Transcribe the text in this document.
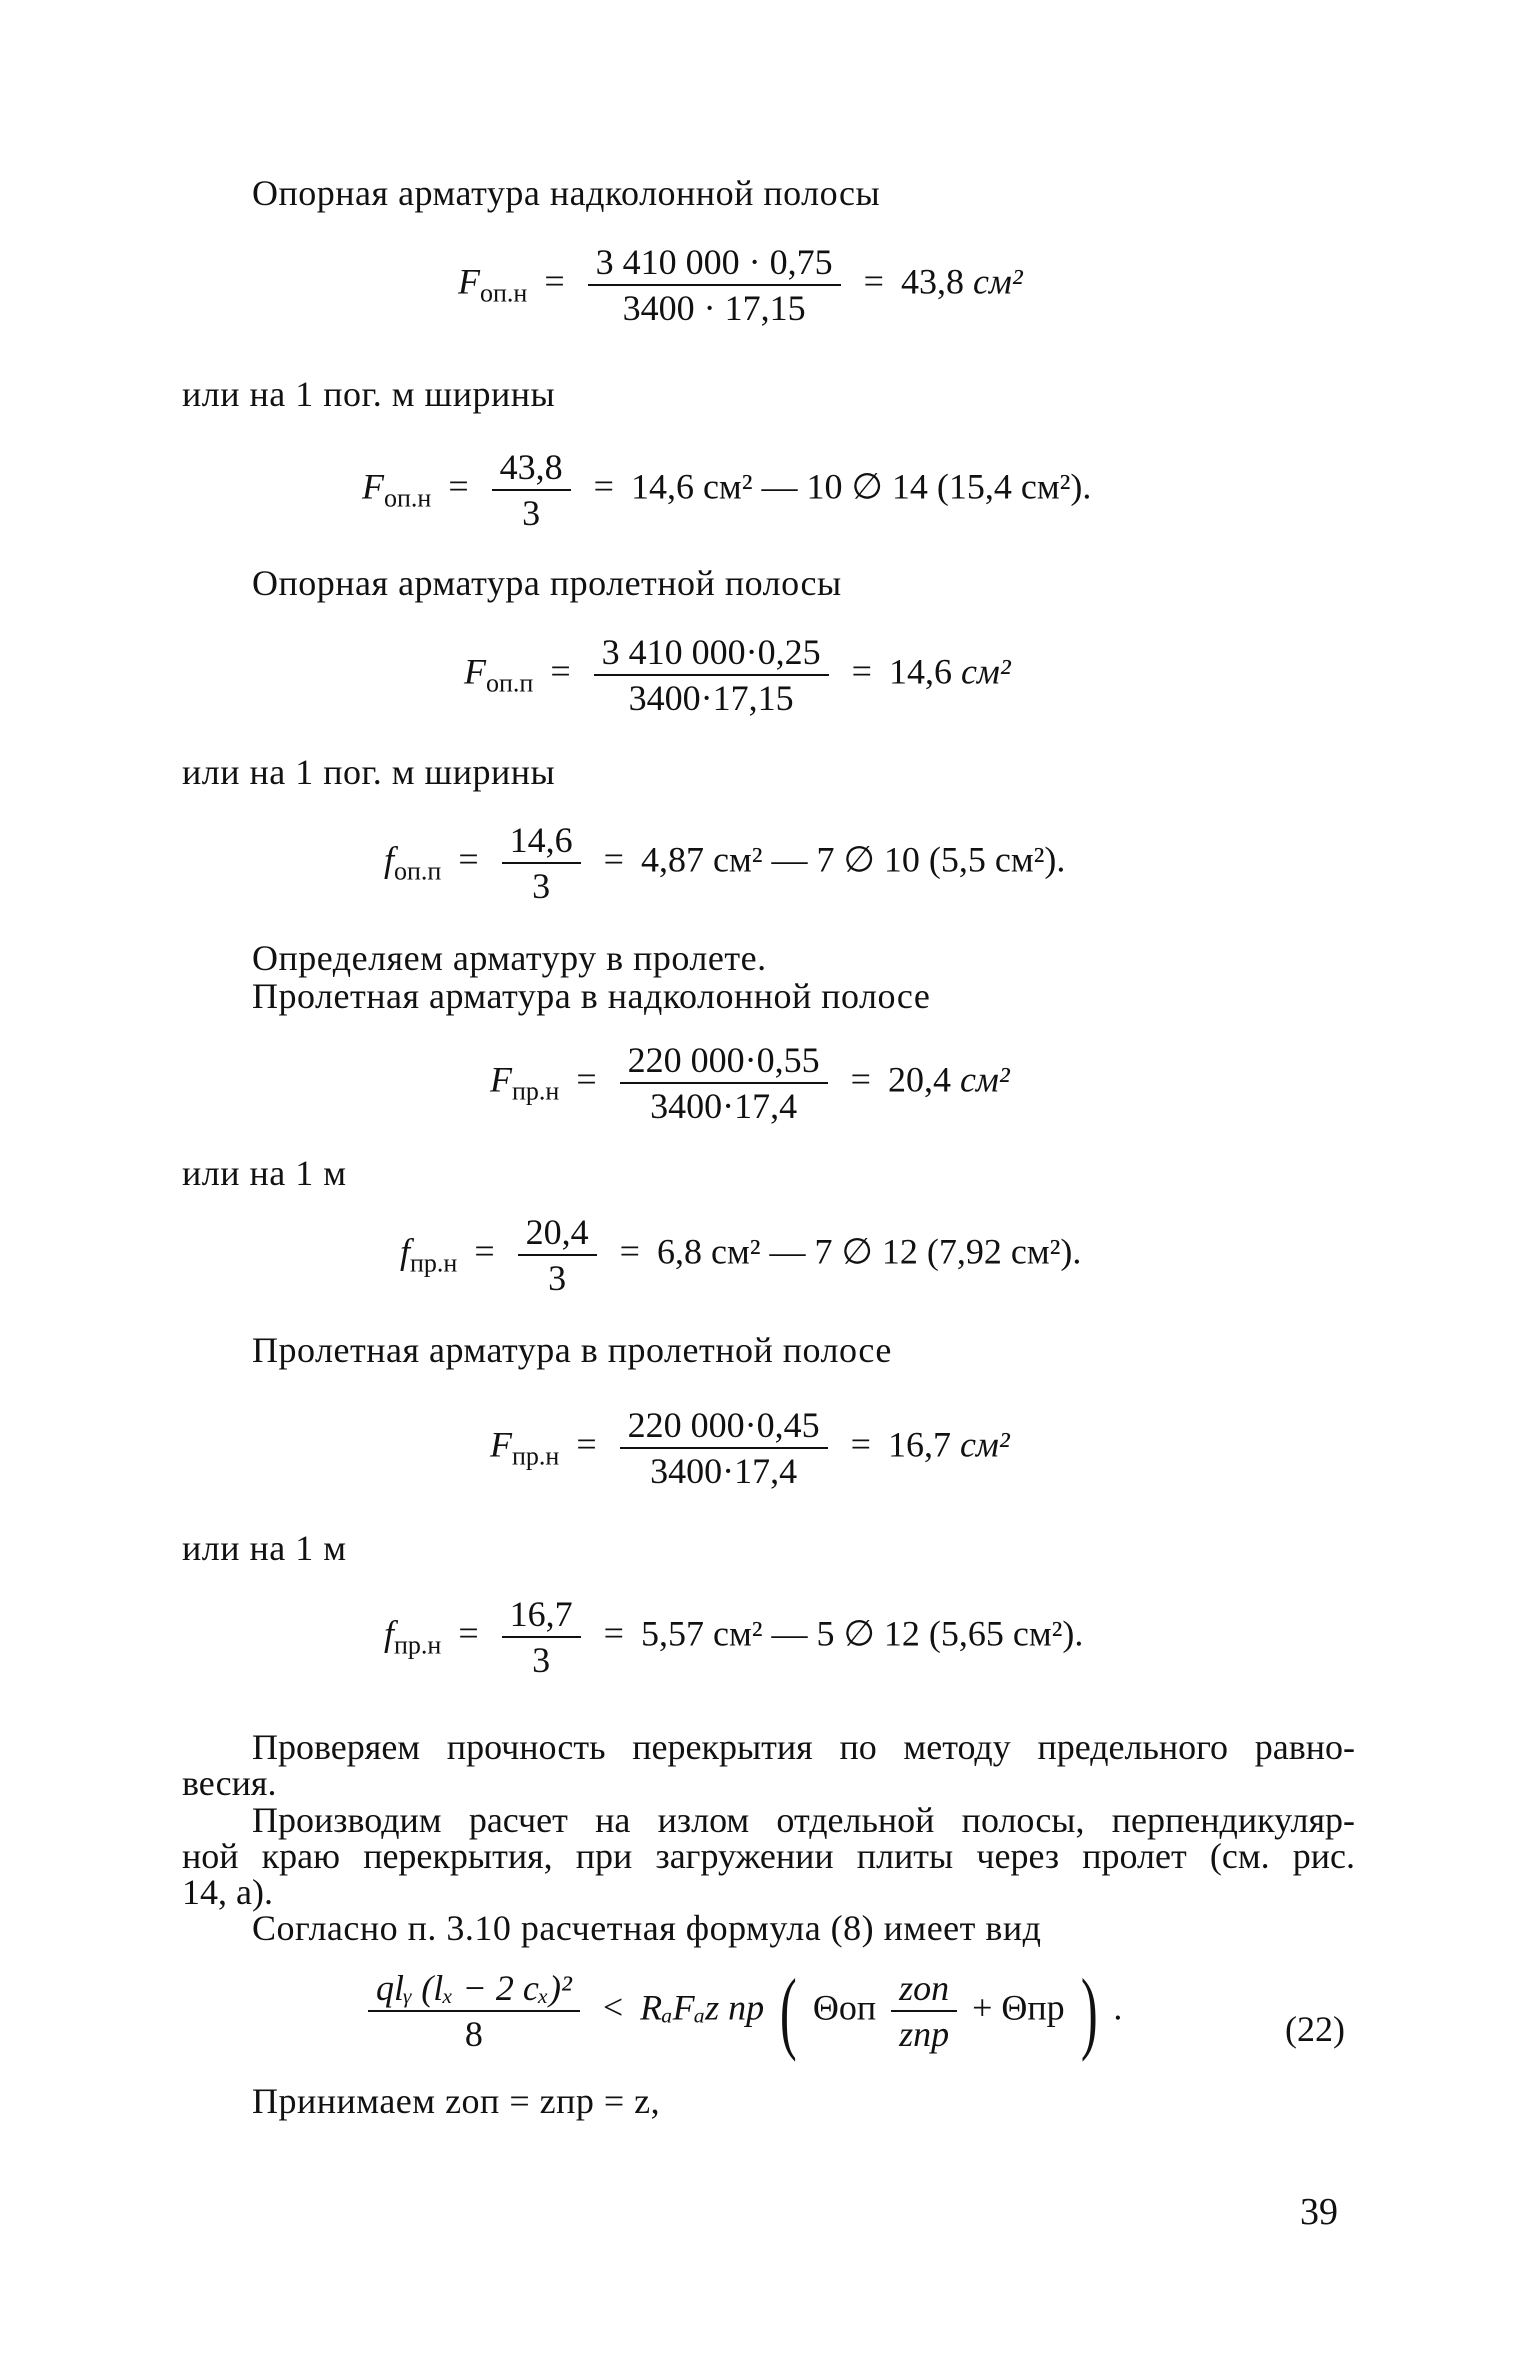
Опорная арматура надколонной полосы
$F_{оп.н} = \frac{3 410 000 \cdot 0,75}{3400 \cdot 17,15} = 43,8$ см²
или на 1 пог. м ширины
$F_{оп.н} = \frac{43,8}{3} = 14,6$ см² — 10 ∅ 14 (15,4 см²).
Опорная арматура пролетной полосы
$F_{оп.п} = \frac{3 410 000\cdot 0,25}{3400\cdot 17,15} = 14,6$ см²
или на 1 пог. м ширины
$f_{оп.п} = \frac{14,6}{3} = 4,87$ см² — 7 ∅ 10 (5,5 см²).
Определяем арматуру в пролете.
Пролетная арматура в надколонной полосе
$F_{пр.н} = \frac{220 000\cdot 0,55}{3400\cdot 17,4} = 20,4$ см²
или на 1 м
$f_{пр.н} = \frac{20,4}{3} = 6,8$ см² — 7 ∅ 12 (7,92 см²).
Пролетная арматура в пролетной полосе
$F_{пр.н} = \frac{220 000\cdot 0,45}{3400\cdot 17,4} = 16,7$ см²
или на 1 м
$f_{пр.н} = \frac{16,7}{3} = 5,57$ см² — 5 ∅ 12 (5,65 см²).
Проверяем прочность перекрытия по методу предельного равно-
весия.
Производим расчет на излом отдельной полосы, перпендикуляр-
ной краю перекрытия, при загружении плиты через пролет (см. рис.
14, а).
Согласно п. 3.10 расчетная формула (8) имеет вид
$\frac{\text{qlᵧ (lₓ − 2 cₓ)²}}{8} < R_aF_az$ пр ( Θоп $\frac{\text{zоп}}{\text{zпр}} + \Theta пр$ ) .
(22)
Принимаем zоп = zпр = z,
39
